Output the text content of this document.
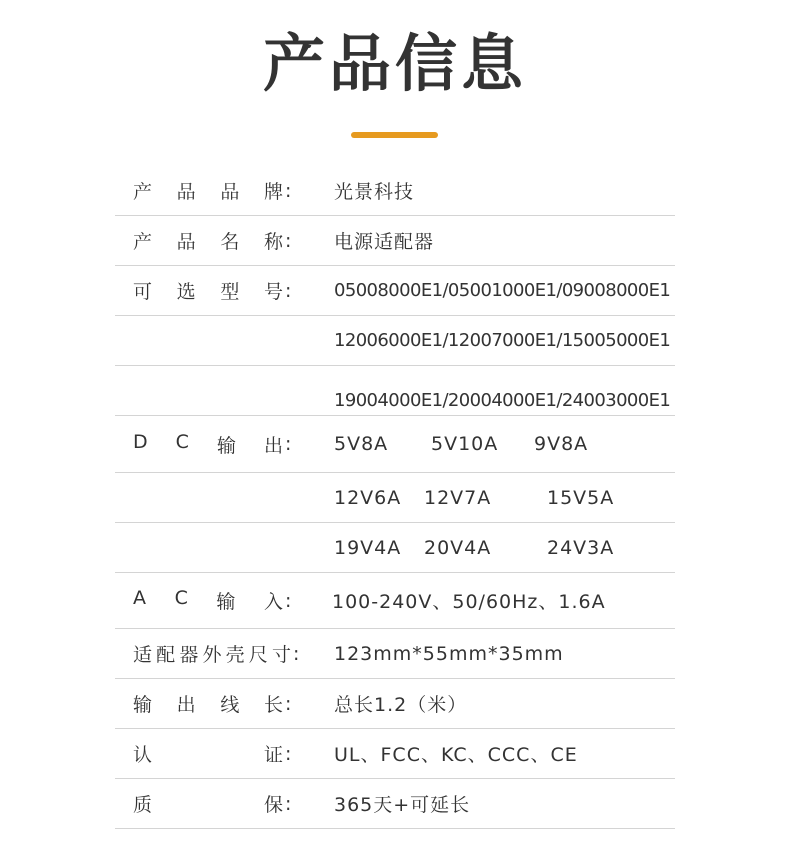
产品信息
产 品 品 牌 : 光景科技
产 品 名 称 : 电源适配器
可 选 型 号 : 05008000E1/05001000E1/09008000E1
12006000E1/12007000E1/15005000E1
19004000E1/20004000E1/24003000E1
D C 输 出 : 5V8A	5V10A	9V8A
12V6A	12V7A	15V5A
19V4A	20V4A	24V3A
A C 输 入 : 100-240V、50/60Hz、1.6A
适 配 器 外 壳 尺 寸 : 123mm*55mm*35mm
输 出 线 长 : 总长1.2（米）
认	证 : UL、FCC、KC、CCC、CE
质	保 : 365天+可延长
